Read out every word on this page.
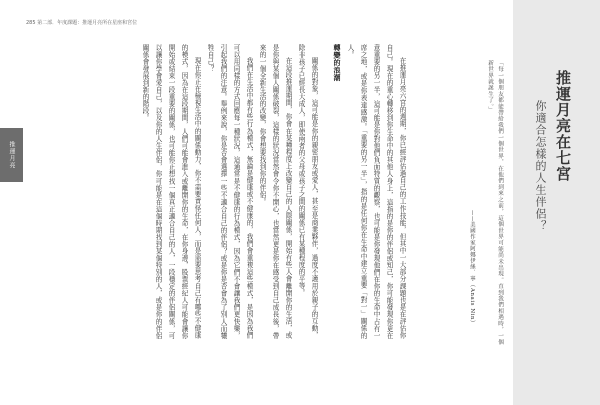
285 第二部．年度課題：推運月亮所在星座和宮位

在推運月亮六宮的週期，你已經評估過自己的工作技能，但其中一大部分課題也是在評估你自己。現在的重心轉移到你生命中的其他人身上，這指的是你的伴侶或知己，你可能發現你更在意重要的另一半，這可能是你對他們負面特質的觀察，也可能是你發現他們在你的生命中占有一席之地，或是你表達感激。「重要的另一半」，指的是任何你在生命中建立重要「對一」關係的人。

轉變的浪潮

關係的對象，這可能是你的親密朋友或愛人，甚至是商業夥伴，過度不適用於親子的互動，除非孩子已經長大成人，即使兩者的父母或孩子之間的關係已有某種程度的平等。

在這段推運期間，你會在某種程度上改變自己的人際關係，開始有些人會離開你的生活，或是你與某個人關係破裂，這樣的狀況當然會令你不開心，也當然更是你在感受到自己成長後，帶來的一個全新生活的改變，你會想要找到你的伴侶。

我們在生活中都有些行為模式，無論是健康或不健康的，我們會重複這些模式，是因為我們可以用同樣的方式回應每一種狀況，這通常是不健康的行為模式，因為它們不會讓我們更快樂，引起我們的注意。舉例來說，你是否會選擇一些不適合自己的伴侶？或是你是否會為了別人而犧牲自己？

現在你正在檢視生活中的關係動力，你不需要責怪任何人，而是需要思考自己有哪些不健康的模式，因為在這段期間，人們可能會進入或離開你的生命，在你身邊，股票經紀人可能會讓你開始或結束一段重要的關係，也可能你正想找一個真正適合自己的人，一段穩定的伴侶關係，可以讓你學會愛自己，以及你的人生伴侶，你可能是在這個時期找到某個特別的人，或是你的伴侶關係會發展到新的階段。	「每一個朋友都能帶給我們一個世界，在他們到來之前，這個世界可能尚未出現。直到我們相遇時，一個新世界就誕生了。」

——美國作家阿娜伊絲．寧（Anais Nin）

推運月亮在七宮
你適合怎樣的人生伴侶？
推運月亮
